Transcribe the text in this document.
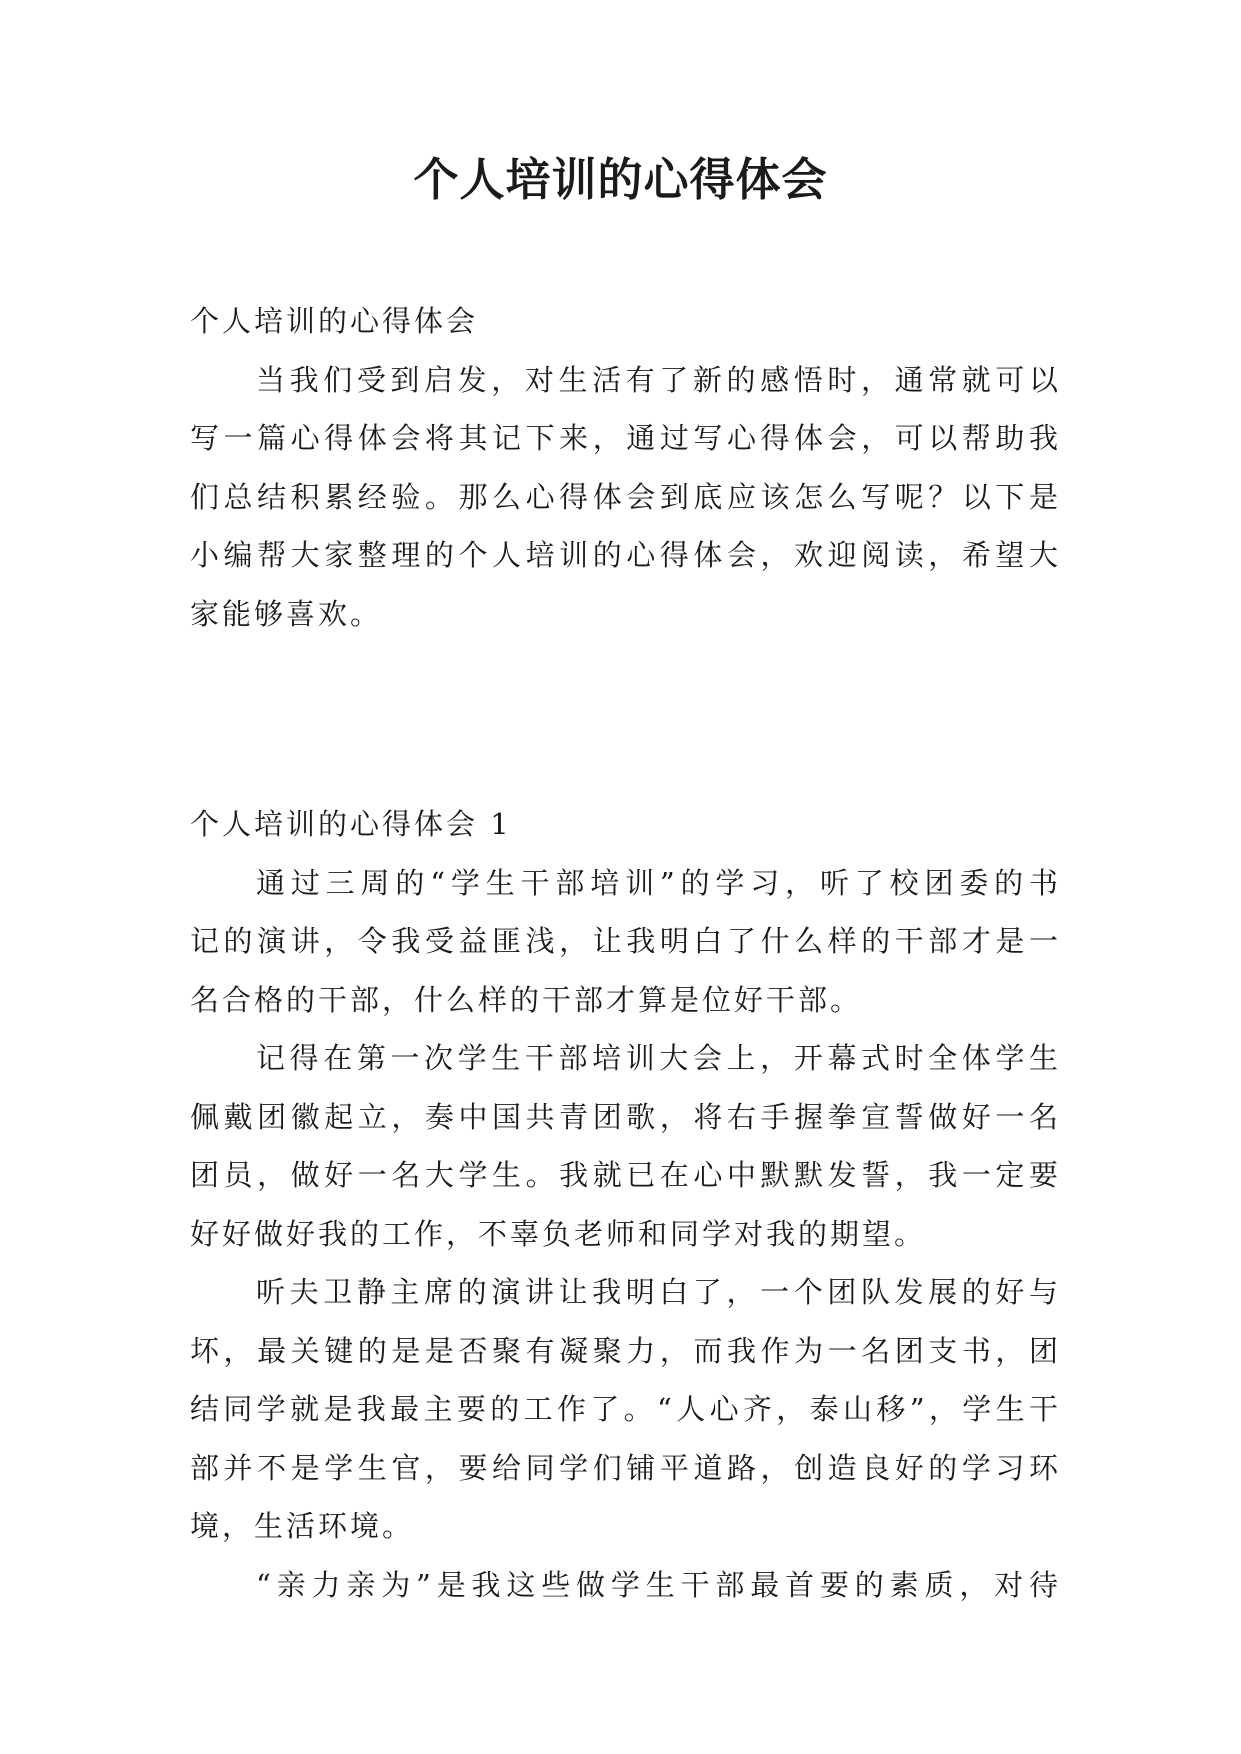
个人培训的心得体会
个人培训的心得体会
当我们受到启发，对生活有了新的感悟时，通常就可以
写一篇心得体会将其记下来，通过写心得体会，可以帮助我
们总结积累经验。那么心得体会到底应该怎么写呢？以下是
小编帮大家整理的个人培训的心得体会，欢迎阅读，希望大
家能够喜欢。
个人培训的心得体会 1
通过三周的“学生干部培训”的学习，听了校团委的书
记的演讲，令我受益匪浅，让我明白了什么样的干部才是一
名合格的干部，什么样的干部才算是位好干部。
记得在第一次学生干部培训大会上，开幕式时全体学生
佩戴团徽起立，奏中国共青团歌，将右手握拳宣誓做好一名
团员，做好一名大学生。我就已在心中默默发誓，我一定要
好好做好我的工作，不辜负老师和同学对我的期望。
听夫卫静主席的演讲让我明白了，一个团队发展的好与
坏，最关键的是是否聚有凝聚力，而我作为一名团支书，团
结同学就是我最主要的工作了。“人心齐，泰山移”，学生干
部并不是学生官，要给同学们铺平道路，创造良好的学习环
境，生活环境。
“亲力亲为”是我这些做学生干部最首要的素质，对待
